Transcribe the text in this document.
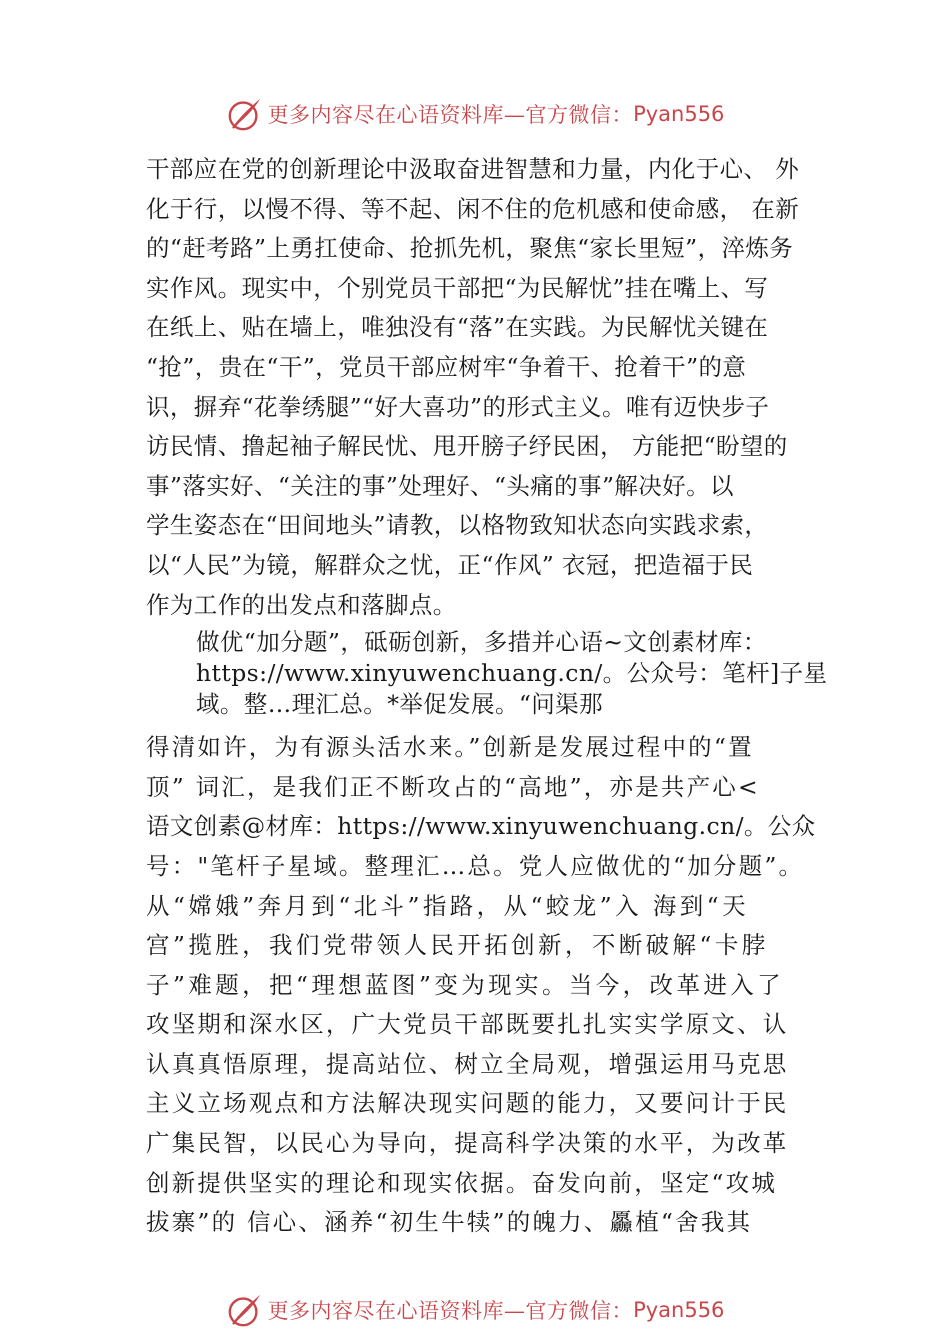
更多内容尽在心语资料库—官方微信： Pyan556
干部应在党的创新理论中汲取奋进智慧和力量，内化于心、 外
化于行，以慢不得、等不起、闲不住的危机感和使命感， 在新
的“赶考路”上勇扛使命、抢抓先机，聚焦“家长里短”，淬炼务
实作风。现实中，个别党员干部把“为民解忧”挂在嘴上、写
在纸上、贴在墙上，唯独没有“落”在实践。为民解忧关键在
“抢”，贵在“干”，党员干部应树牢“争着干、抢着干”的意
识，摒弃“花拳绣腿”“好大喜功”的形式主义。唯有迈快步子
访民情、撸起袖子解民忧、甩开膀子纾民困， 方能把“盼望的
事”落实好、“关注的事”处理好、“头痛的事”解决好。以
学生姿态在“田间地头”请教，以格物致知状态向实践求索，
以“人民”为镜，解群众之忧，正“作风” 衣冠，把造福于民
作为工作的出发点和落脚点。
做优“加分题”，砥砺创新，多措并心语~文创素材库：
https://www.xinyuwenchuang.cn/。公众号：笔杆]子星
域。整…理汇总。*举促发展。“问渠那
得清如许，为有源头活水来。”创新是发展过程中的“置
顶” 词汇，是我们正不断攻占的“高地”，亦是共产心<
语文创素@材库：https://www.xinyuwenchuang.cn/。公众
号："笔杆子星域。整理汇…总。党人应做优的“加分题”。
从“嫦娥”奔月到“北斗”指路，从“蛟龙”入 海到“天
宫”揽胜，我们党带领人民开拓创新，不断破解“卡脖
子”难题，把“理想蓝图”变为现实。当今，改革进入了
攻坚期和深水区，广大党员干部既要扎扎实实学原文、认
认真真悟原理，提高站位、树立全局观，增强运用马克思
主义立场观点和方法解决现实问题的能力，又要问计于民
广集民智，以民心为导向，提高科学决策的水平，为改革
创新提供坚实的理论和现实依据。奋发向前，坚定“攻城
拔寨”的 信心、涵养“初生牛犊”的魄力、厵植“舍我其
更多内容尽在心语资料库—官方微信： Pyan556
